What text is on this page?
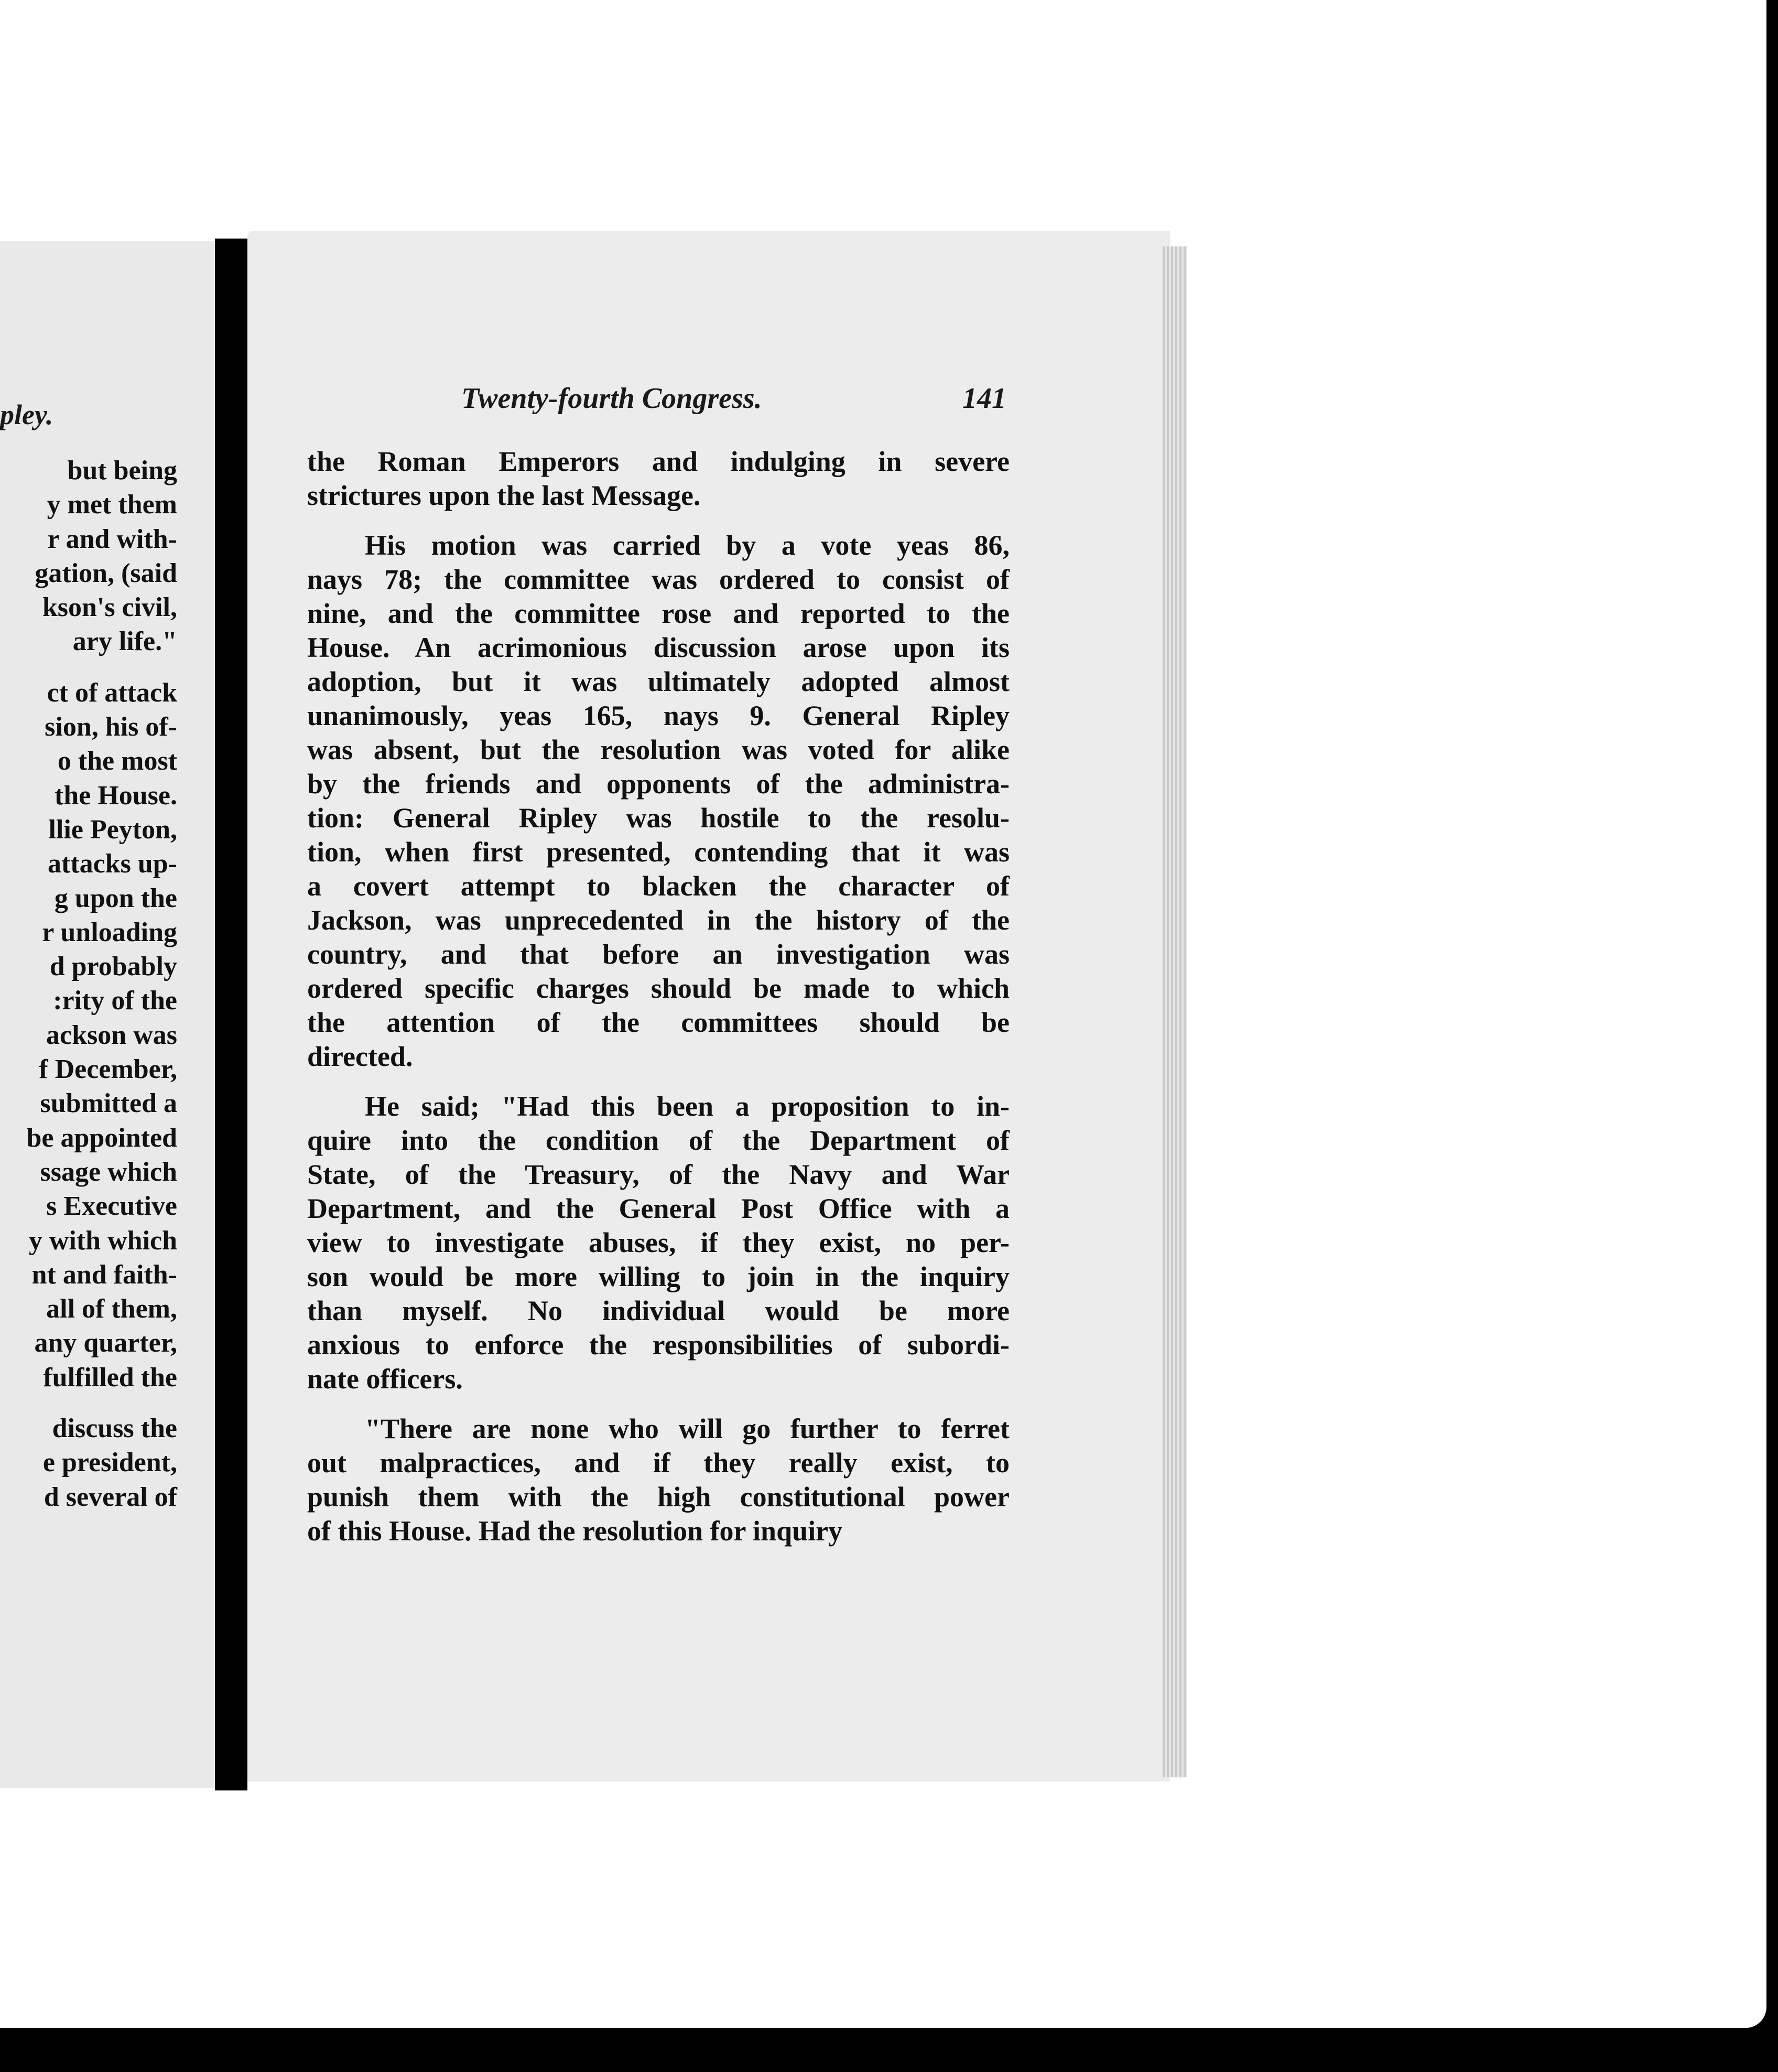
pley.
but being
y met them
r and with-
gation, (said
kson's civil,
ary life."
ct of attack
sion, his of-
o the most
the House.
llie Peyton,
attacks up-
g upon the
r unloading
d probably
:rity of the
ackson was
f December,
submitted a
be appointed
ssage which
s Executive
y with which
nt and faith-
all of them,
any quarter,
fulfilled the
discuss the
e president,
d several of
Twenty-fourth Congress.	141
the Roman Emperors and indulging in severe
strictures upon the last Message.
His motion was carried by a vote yeas 86,
nays 78; the committee was ordered to consist of
nine, and the committee rose and reported to the
House. An acrimonious discussion arose upon its
adoption, but it was ultimately adopted almost
unanimously, yeas 165, nays 9. General Ripley
was absent, but the resolution was voted for alike
by the friends and opponents of the administra-
tion: General Ripley was hostile to the resolu-
tion, when first presented, contending that it was
a covert attempt to blacken the character of
Jackson, was unprecedented in the history of the
country, and that before an investigation was
ordered specific charges should be made to which
the attention of the committees should be
directed.
He said; "Had this been a proposition to in-
quire into the condition of the Department of
State, of the Treasury, of the Navy and War
Department, and the General Post Office with a
view to investigate abuses, if they exist, no per-
son would be more willing to join in the inquiry
than myself. No individual would be more
anxious to enforce the responsibilities of subordi-
nate officers.
"There are none who will go further to ferret
out malpractices, and if they really exist, to
punish them with the high constitutional power
of this House. Had the resolution for inquiry
